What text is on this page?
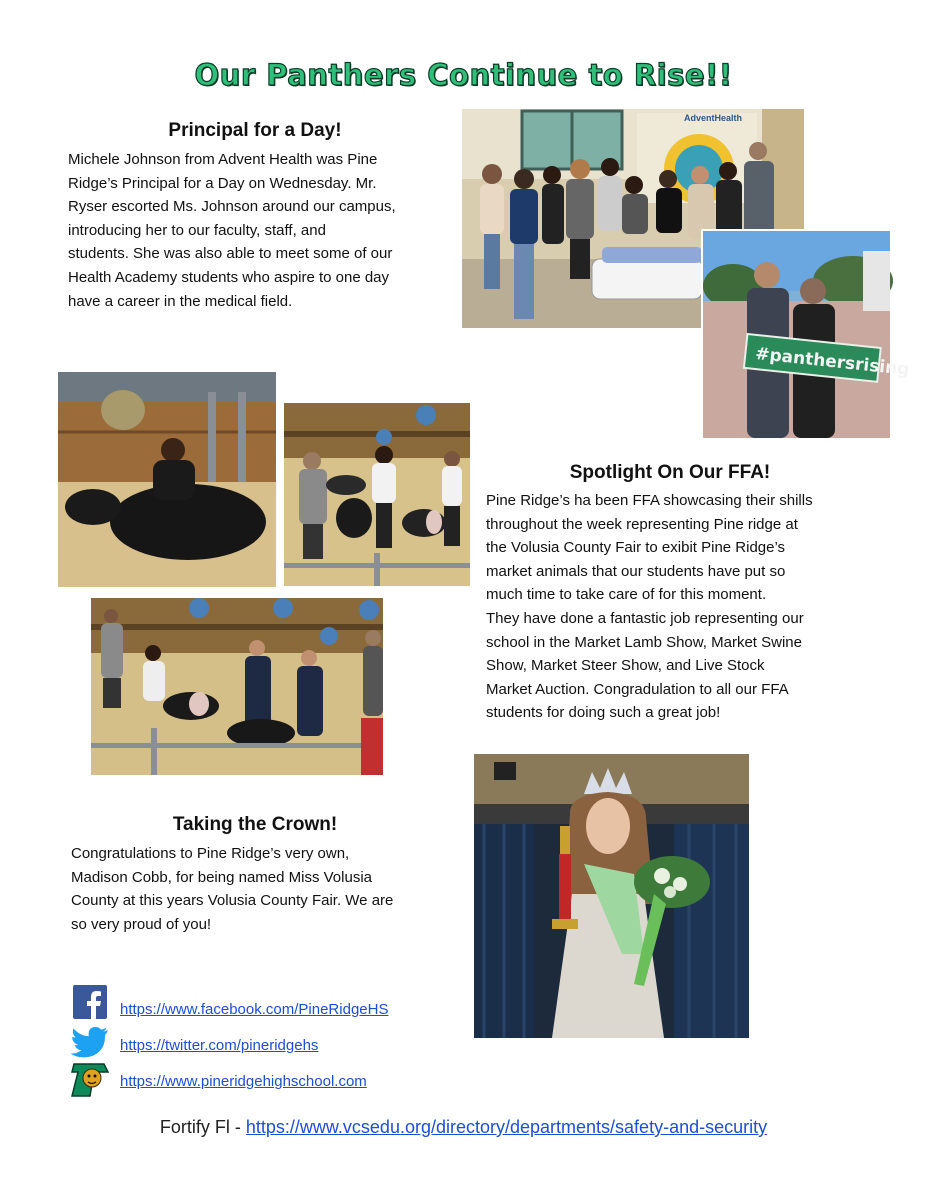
Our Panthers Continue to Rise!!
Principal for a Day!
Michele Johnson from Advent Health was Pine
Ridge’s Principal for a Day on Wednesday. Mr.
Ryser escorted Ms. Johnson around our campus,
introducing her to our faculty, staff, and
students. She was also able to meet some of our
Health Academy students who aspire to one day
have a career in the medical field.
AdventHealth
#panthersrising
Spotlight On Our FFA!
Pine Ridge’s ha been FFA showcasing their shills
throughout the week representing Pine ridge at
the Volusia County Fair to exibit Pine Ridge’s
market animals that our students have put so
much time to take care of for this moment.
They have done a fantastic job representing our
school in the Market Lamb Show, Market Swine
Show, Market Steer Show, and Live Stock
Market Auction. Congradulation to all our FFA
students for doing such a great job!
Taking the Crown!
Congratulations to Pine Ridge’s very own,
Madison Cobb, for being named Miss Volusia
County at this years Volusia County Fair. We are
so very proud of you!
https://www.facebook.com/PineRidgeHS
https://twitter.com/pineridgehs
https://www.pineridgehighschool.com
Fortify Fl - https://www.vcsedu.org/directory/departments/safety-and-security
